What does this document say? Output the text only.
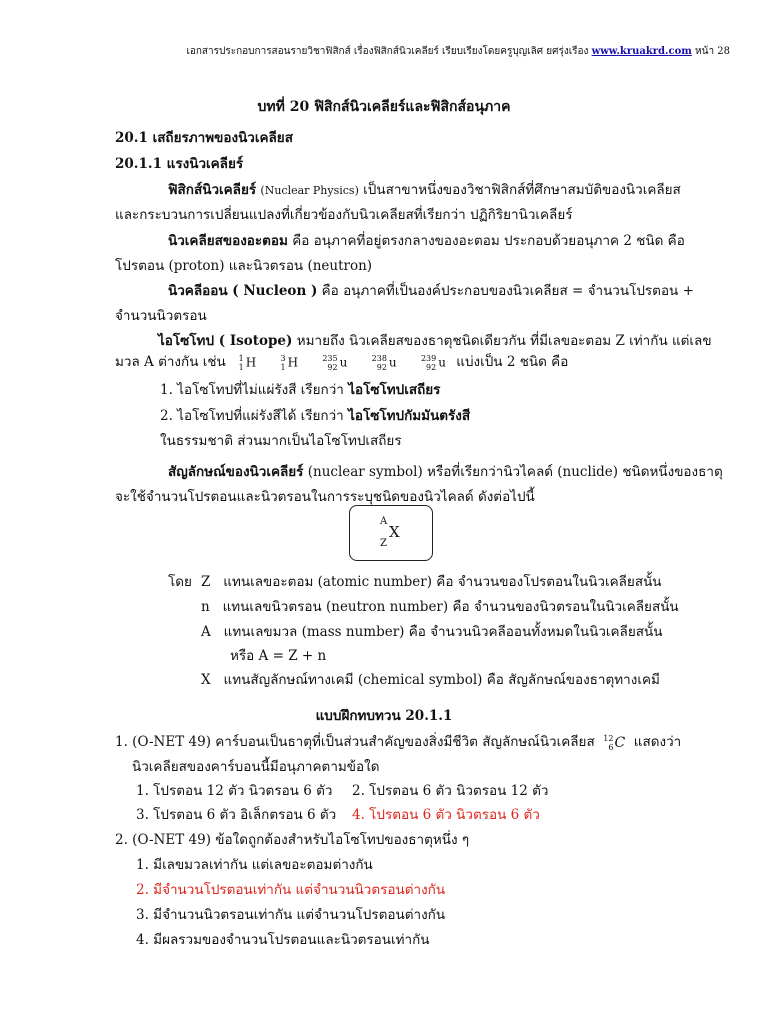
เอกสารประกอบการสอนรายวิชาฟิสิกส์ เรื่องฟิสิกส์นิวเคลียร์ เรียบเรียงโดยครูบุญเลิศ ยศรุ่งเรือง www.kruakrd.com หน้า 28
บทที่ 20 ฟิสิกส์นิวเคลียร์และฟิสิกส์อนุภาค
20.1 เสถียรภาพของนิวเคลียส
20.1.1 แรงนิวเคลียร์
ฟิสิกส์นิวเคลียร์ (Nuclear Physics) เป็นสาขาหนึ่งของวิชาฟิสิกส์ที่ศึกษาสมบัติของนิวเคลียส
และกระบวนการเปลี่ยนแปลงที่เกี่ยวข้องกับนิวเคลียสที่เรียกว่า ปฏิกิริยานิวเคลียร์
นิวเคลียสของอะตอม คือ อนุภาคที่อยู่ตรงกลางของอะตอม ประกอบด้วยอนุภาค 2 ชนิด คือ
โปรตอน (proton) และนิวตรอน (neutron)
นิวคลีออน ( Nucleon ) คือ อนุภาคที่เป็นองค์ประกอบของนิวเคลียส = จำนวนโปรตอน +
จำนวนนิวตรอน
ไอโซโทป ( Isotope) หมายถึง นิวเคลียสของธาตุชนิดเดียวกัน ที่มีเลขอะตอม Z เท่ากัน แต่เลข
มวล A ต่างกัน เช่น 1
1 H	3
1 H	235
92 u	238
92 u	239
92 u แบ่งเป็น 2 ชนิด คือ
1. ไอโซโทปที่ไม่แผ่รังสี เรียกว่า ไอโซโทปเสถียร
2. ไอโซโทปที่แผ่รังสีได้ เรียกว่า ไอโซโทปกัมมันตรังสี
ในธรรมชาติ ส่วนมากเป็นไอโซโทปเสถียร
สัญลักษณ์ของนิวเคลียร์ (nuclear symbol) หรือที่เรียกว่านิวไคลด์ (nuclide) ชนิดหนึ่งของธาตุ
จะใช้จำนวนโปรตอนและนิวตรอนในการระบุชนิดของนิวไคลด์ ดังต่อไปนี้
A
X
Z
โดย Z แทนเลขอะตอม (atomic number) คือ จำนวนของโปรตอนในนิวเคลียสนั้น
n แทนเลขนิวตรอน (neutron number) คือ จำนวนของนิวตรอนในนิวเคลียสนั้น
A แทนเลขมวล (mass number) คือ จำนวนนิวคลีออนทั้งหมดในนิวเคลียสนั้น
หรือ A = Z + n
X แทนสัญลักษณ์ทางเคมี (chemical symbol) คือ สัญลักษณ์ของธาตุทางเคมี
แบบฝึกทบทวน 20.1.1
1. (O-NET 49) คาร์บอนเป็นธาตุที่เป็นส่วนสำคัญของสิ่งมีชีวิต สัญลักษณ์นิวเคลียส 12
6 C แสดงว่า
นิวเคลียสของคาร์บอนนี้มีอนุภาคตามข้อใด
1. โปรตอน 12 ตัว นิวตรอน 6 ตัว 2. โปรตอน 6 ตัว นิวตรอน 12 ตัว
3. โปรตอน 6 ตัว อิเล็กตรอน 6 ตัว 4. โปรตอน 6 ตัว นิวตรอน 6 ตัว
2. (O-NET 49) ข้อใดถูกต้องสำหรับไอโซโทปของธาตุหนึ่ง ๆ
1. มีเลขมวลเท่ากัน แต่เลขอะตอมต่างกัน
2. มีจำนวนโปรตอนเท่ากัน แต่จำนวนนิวตรอนต่างกัน
3. มีจำนวนนิวตรอนเท่ากัน แต่จำนวนโปรตอนต่างกัน
4. มีผลรวมของจำนวนโปรตอนและนิวตรอนเท่ากัน
